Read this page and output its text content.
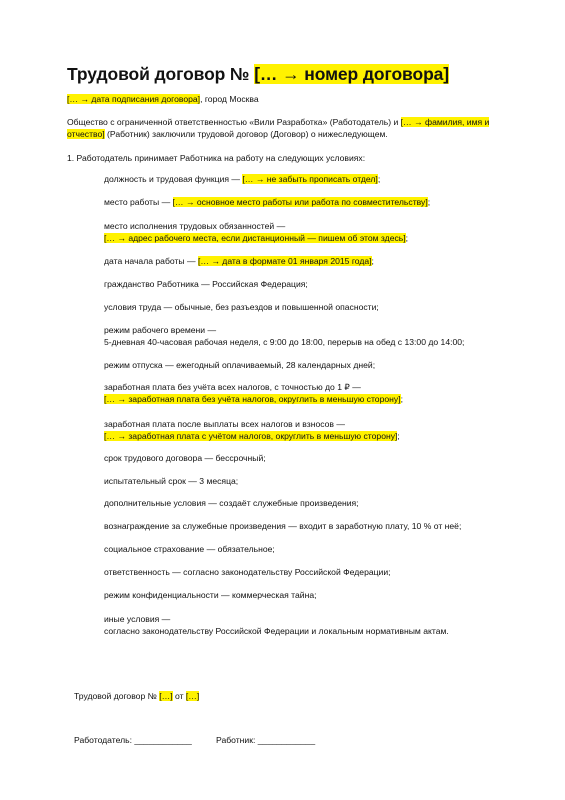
Трудовой договор № [… → номер договора]

[… → дата подписания договора], город Москва

Общество с ограниченной ответственностью «Вили Разработка» (Работодатель) и [… → фамилия, имя и отчество] (Работник) заключили трудовой договор (Договор) о нижеследующем.

1. Работодатель принимает Работника на работу на следующих условиях:

должность и трудовая функция — [… → не забыть прописать отдел];

место работы — [… → основное место работы или работа по совместительству];

место исполнения трудовых обязанностей —
[… → адрес рабочего места, если дистанционный — пишем об этом здесь];

дата начала работы — [… → дата в формате 01 января 2015 года];

гражданство Работника — Российская Федерация;

условия труда — обычные, без разъездов и повышенной опасности;

режим рабочего времени —
5-дневная 40-часовая рабочая неделя, с 9:00 до 18:00, перерыв на обед с 13:00 до 14:00;

режим отпуска — ежегодный оплачиваемый, 28 календарных дней;

заработная плата без учёта всех налогов, с точностью до 1 ₽ —
[… → заработная плата без учёта налогов, округлить в меньшую сторону];

заработная плата после выплаты всех налогов и взносов —
[… → заработная плата с учётом налогов, округлить в меньшую сторону];

срок трудового договора — бессрочный;

испытательный срок — 3 месяца;

дополнительные условия — создаёт служебные произведения;

вознаграждение за служебные произведения — входит в заработную плату, 10 % от неё;

социальное страхование — обязательное;

ответственность — согласно законодательству Российской Федерации;

режим конфиденциальности — коммерческая тайна;

иные условия —
согласно законодательству Российской Федерации и локальным нормативным актам.

Трудовой договор № […] от […]
Работодатель: ____________	Работник: ____________
